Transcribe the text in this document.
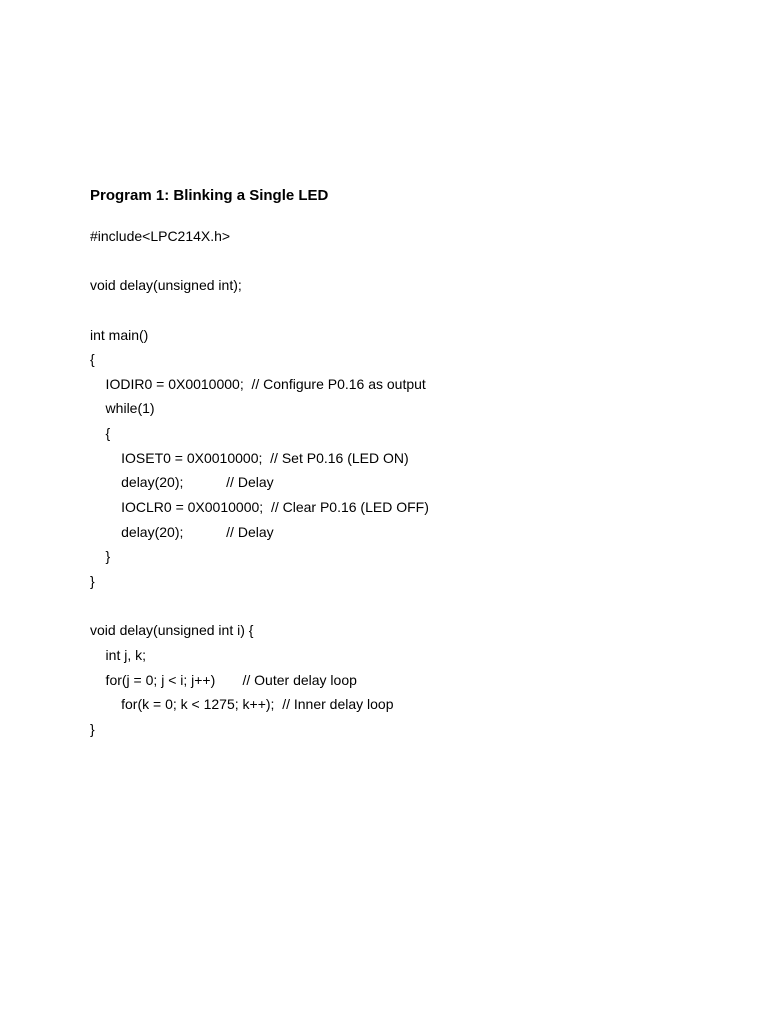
Program 1: Blinking a Single LED
#include<LPC214X.h>
void delay(unsigned int);
int main()
{
IODIR0 = 0X0010000;  // Configure P0.16 as output
while(1)
{
IOSET0 = 0X0010000;  // Set P0.16 (LED ON)
delay(20);           // Delay
IOCLR0 = 0X0010000;  // Clear P0.16 (LED OFF)
delay(20);           // Delay
}
}
void delay(unsigned int i) {
int j, k;
for(j = 0; j < i; j++)       // Outer delay loop
for(k = 0; k < 1275; k++);  // Inner delay loop
}
